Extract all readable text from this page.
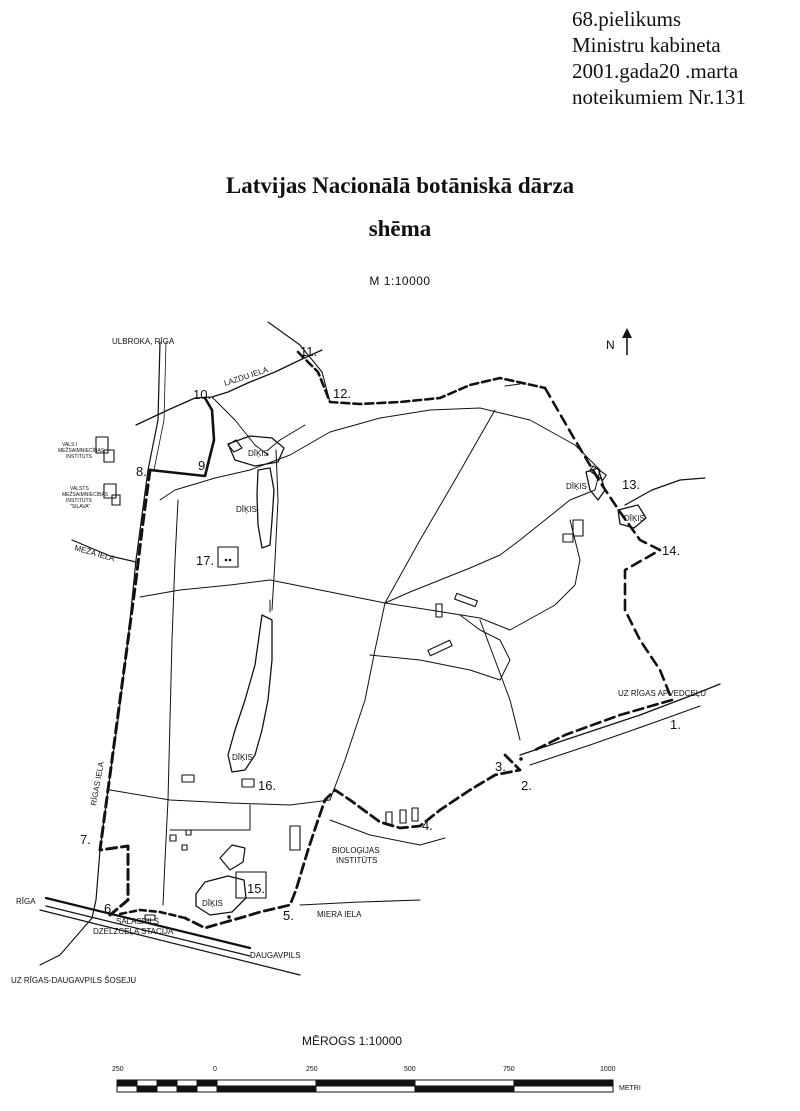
68.pielikums
Ministru kabineta
2001.gada20 .marta
noteikumiem Nr.131
Latvijas Nacionālā botāniskā dārza
shēma
M 1:10000
N
ULBROKA, RĪGA
LAZDU IELA
MEŽA IELA
RĪGAS IELA
RĪGA
SALASPILS
DZELZCEĻA STACIJA
DAUGAVPILS
UZ RĪGAS-DAUGAVPILS ŠOSEJU
MIERA IELA
UZ RĪGAS APVEDCEĻU
BIOLOĢIJAS
INSTITŪTS
VALS I
MEŽSAIMNIECĪBAS
INSTITŪTS
VALSTS
MEŽSAIMNIECĪBAS
INSTITŪTS
"SILAVA"
DĪĶIS
DĪĶIS
DĪĶIS
DĪĶIS
DĪĶIS
DĪĶIS
1.
2.
3.
4.
5.
6.
7.
8.	9
10.
11.
12.
13.
14.
15.
16.
17.
MĒROGS 1:10000
250	0	250	500	750	1000
METRI
